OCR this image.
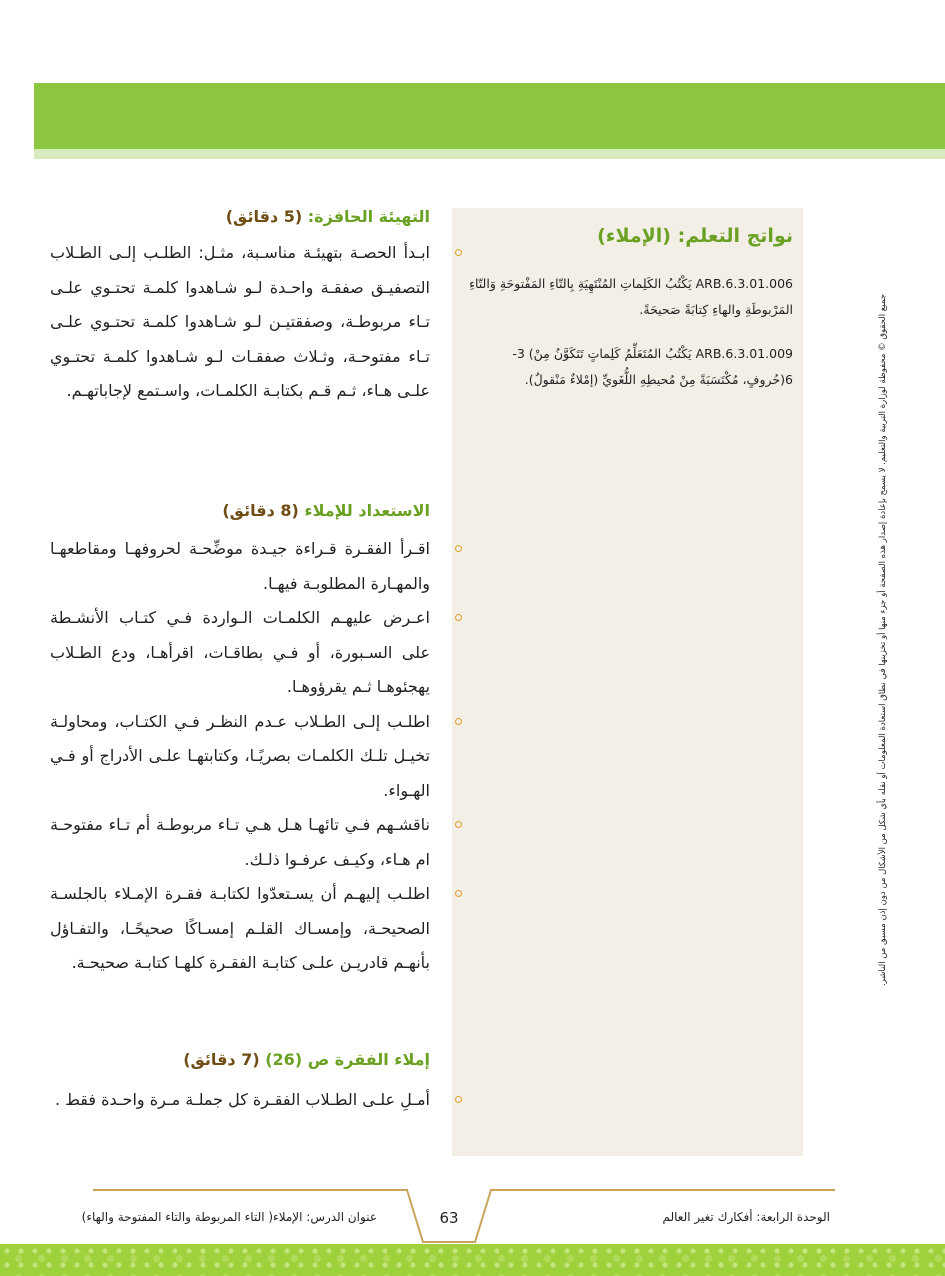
نواتج التعلم: (الإملاء)
ARB.6.3.01.006 يَكْتُبُ الكَلِماتِ المُنْتَهِيَةِ بِالتّاءِ المَفْتوحَةِ وَالتّاءِ المَرْبوطَةِ والهاءِ كِتابَةً صَحيحَةً.
ARB.6.3.01.009 يَكْتُبُ المُتَعَلِّمُ كَلِماتٍ تَتَكَوَّنُ مِنْ) 3- 6(حُروفٍ، مُكْتَسَبَةً مِنْ مُحيطِهِ اللُّغَويِّ (إمْلاءٌ مَنْقولٌ).
التهيئة الحافزة: (5 دقائق)
ابـدأ الحصـة بتهيئـة مناسـبة، مثـل: الطلـب إلـى الطـلاب التصفيـق صفقـة واحـدة لـو شـاهدوا كلمـة تحتـوي علـى تـاء مربوطـة، وصفقتيـن لـو شـاهدوا كلمـة تحتـوي علـى تـاء مفتوحـة، وثـلاث صفقـات لـو شـاهدوا كلمـة تحتـوي علـى هـاء، ثـم قـم بكتابـة الكلمـات، واسـتمع لإجاباتهـم.
الاستعداد للإملاء (8 دقائق)
اقـرأ الفقـرة قـراءة جيـدة موضِّحـة لحروفهـا ومقاطعهـا والمهـارة المطلوبـة فيهـا.
اعـرض عليهـم الكلمـات الـواردة فـي كتـاب الأنشـطة على السـبورة، أو فـي بطاقـات، اقرأهـا، ودع الطـلاب يهجئوهـا ثـم يقرؤوهـا.
اطلـب إلـى الطـلاب عـدم النظـر فـي الكتـاب، ومحاولـة تخيـل تلـك الكلمـات بصريًـا، وكتابتهـا علـى الأدراج أو فـي الهـواء.
ناقشـهم فـي تائهـا هـل هـي تـاء مربوطـة أم تـاء مفتوحـة ام هـاء، وكيـف عرفـوا ذلـك.
اطلـب إليهـم أن يسـتعدّوا لكتابـة فقـرة الإمـلاء بالجلسـة الصحيحـة، وإمسـاك القلـم إمسـاكًا صحيحًـا، والتفـاؤل بأنهـم قادريـن علـى كتابـة الفقـرة كلهـا كتابـة صحيحـة.
إملاء الفقرة ص (26) (7 دقائق)
أمـلِ علـى الطـلاب الفقـرة كل جملـة مـرة واحـدة فقط .
جميع الحقوق © محفوظة لوزارة التربية والتعليم. لا يسمح بإعادة إصدار هذه الصفحة أو جزء منها أو تخزينها في نطاق استعادة المعلومات أو نقله بأي شكل من الأشكال من دون إذن مسبق من الناشر.
63	الوحدة الرابعة: أفكارك تغير العالم
عنوان الدرس: الإملاء( التاء المربوطة والتاء المفتوحة والهاء)
